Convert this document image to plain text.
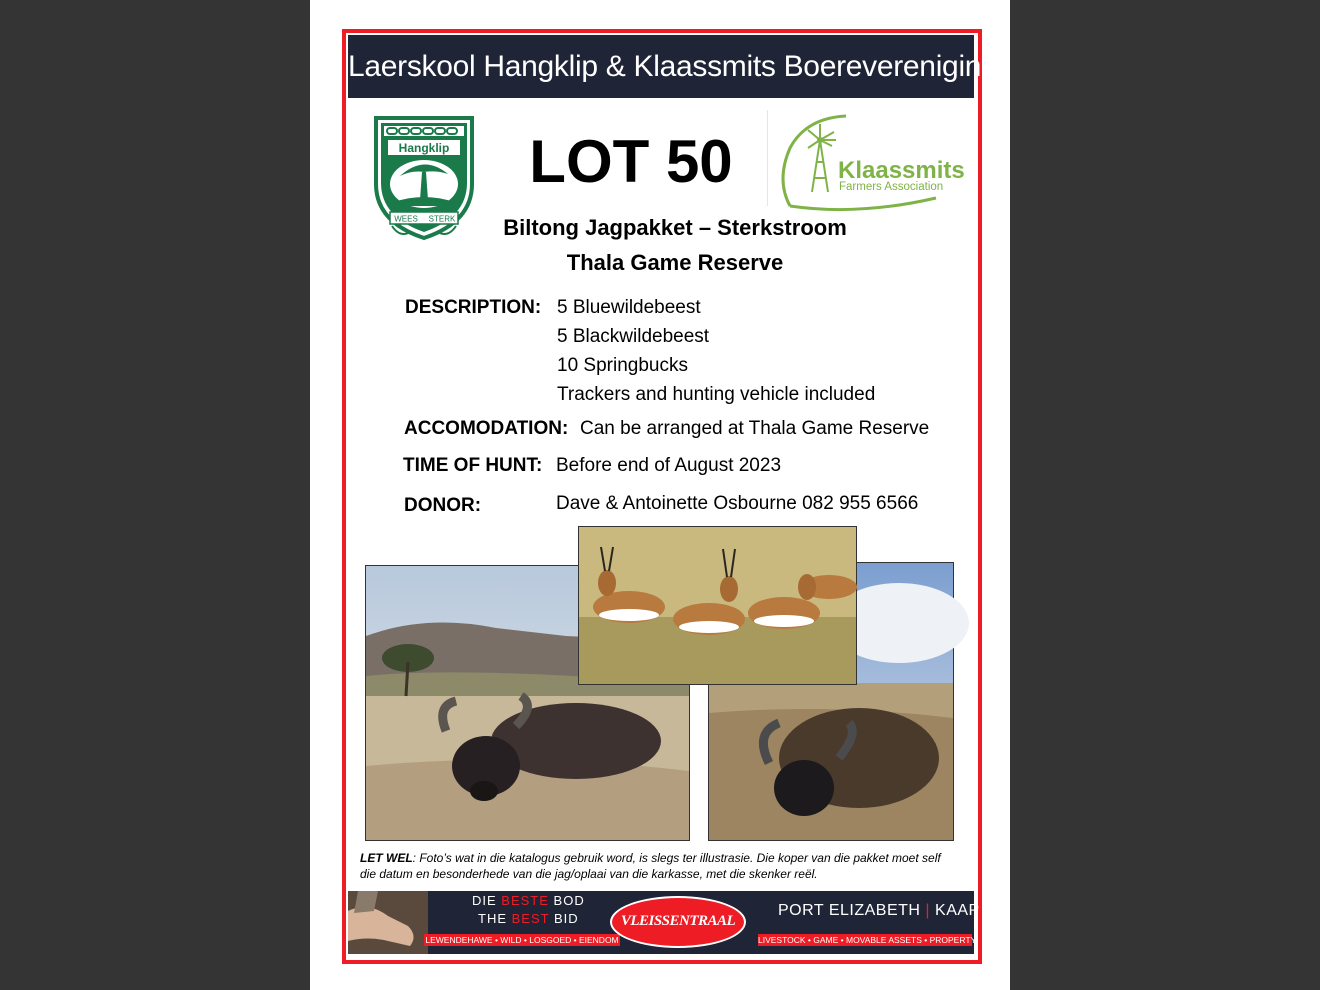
Laerskool Hangklip & Klaassmits Boerevereniging
Hangklip
WEES STERK
LOT 50	Klaassmits
Farmers Association
Biltong Jagpakket – Sterkstroom
Thala Game Reserve
DESCRIPTION: 5 Bluewildebeest
5 Blackwildebeest
10 Springbucks
Trackers and hunting vehicle included
ACCOMODATION: Can be arranged at Thala Game Reserve
TIME OF HUNT: Before end of August 2023
DONOR:	Dave & Antoinette Osbourne 082 955 6566
LET WEL: Foto’s wat in die katalogus gebruik word, is slegs ter illustrasie. Die koper van die pakket moet self die datum en besonderhede van die jag/oplaai van die karkasse, met die skenker reël.
DIE BESTE BOD
THE BEST BID
LEWENDEHAWE • WILD • LOSGOED • EIENDOM
VLEISSENTRAAL
PORT ELIZABETH | KAAP
LIVESTOCK • GAME • MOVABLE ASSETS • PROPERTY
